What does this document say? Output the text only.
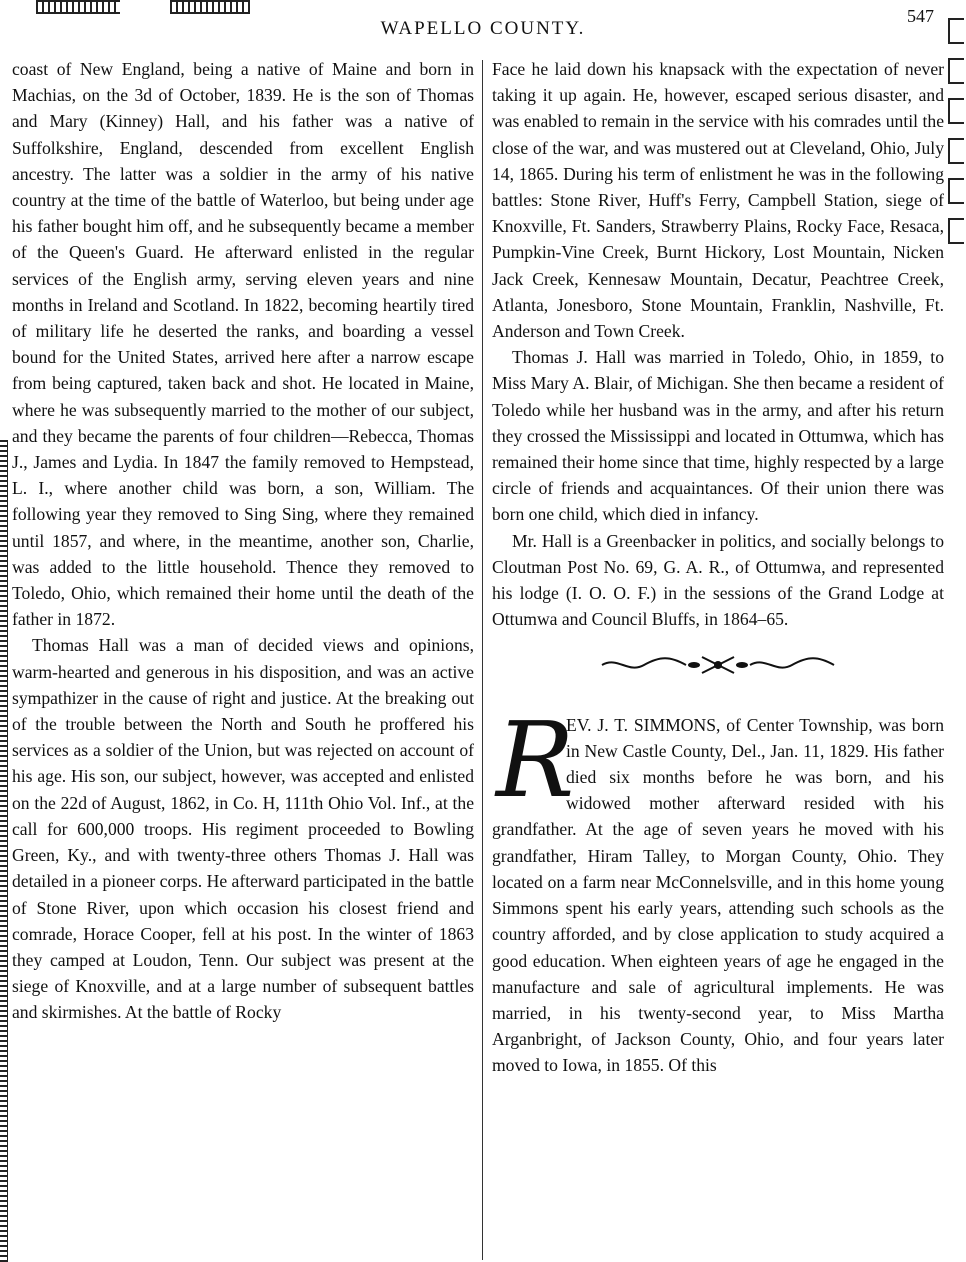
WAPELLO COUNTY.
547

coast of New England, being a native of Maine and born in Machias, on the 3d of October, 1839. He is the son of Thomas and Mary (Kinney) Hall, and his father was a native of Suffolkshire, England, descended from excellent English ancestry. The latter was a soldier in the army of his native country at the time of the battle of Waterloo, but being under age his father bought him off, and he subsequently became a member of the Queen's Guard. He afterward enlisted in the regular services of the English army, serving eleven years and nine months in Ireland and Scotland. In 1822, becoming heartily tired of military life he deserted the ranks, and boarding a vessel bound for the United States, arrived here after a narrow escape from being captured, taken back and shot. He located in Maine, where he was subsequently married to the mother of our subject, and they became the parents of four children—Rebecca, Thomas J., James and Lydia. In 1847 the family removed to Hempstead, L. I., where another child was born, a son, William. The following year they removed to Sing Sing, where they remained until 1857, and where, in the meantime, another son, Charlie, was added to the little household. Thence they removed to Toledo, Ohio, which remained their home until the death of the father in 1872.

Thomas Hall was a man of decided views and opinions, warm-hearted and generous in his disposition, and was an active sympathizer in the cause of right and justice. At the breaking out of the trouble between the North and South he proffered his services as a soldier of the Union, but was rejected on account of his age. His son, our subject, however, was accepted and enlisted on the 22d of August, 1862, in Co. H, 111th Ohio Vol. Inf., at the call for 600,000 troops. His regiment proceeded to Bowling Green, Ky., and with twenty-three others Thomas J. Hall was detailed in a pioneer corps. He afterward participated in the battle of Stone River, upon which occasion his closest friend and comrade, Horace Cooper, fell at his post. In the winter of 1863 they camped at Loudon, Tenn. Our subject was present at the siege of Knoxville, and at a large number of subsequent battles and skirmishes. At the battle of Rocky

Face he laid down his knapsack with the expectation of never taking it up again. He, however, escaped serious disaster, and was enabled to remain in the service with his comrades until the close of the war, and was mustered out at Cleveland, Ohio, July 14, 1865. During his term of enlistment he was in the following battles: Stone River, Huff's Ferry, Campbell Station, siege of Knoxville, Ft. Sanders, Strawberry Plains, Rocky Face, Resaca, Pumpkin-Vine Creek, Burnt Hickory, Lost Mountain, Nicken Jack Creek, Kennesaw Mountain, Decatur, Peachtree Creek, Atlanta, Jonesboro, Stone Mountain, Franklin, Nashville, Ft. Anderson and Town Creek.

Thomas J. Hall was married in Toledo, Ohio, in 1859, to Miss Mary A. Blair, of Michigan. She then became a resident of Toledo while her husband was in the army, and after his return they crossed the Mississippi and located in Ottumwa, which has remained their home since that time, highly respected by a large circle of friends and acquaintances. Of their union there was born one child, which died in infancy.

Mr. Hall is a Greenbacker in politics, and socially belongs to Cloutman Post No. 69, G. A. R., of Ottumwa, and represented his lodge (I. O. O. F.) in the sessions of the Grand Lodge at Ottumwa and Council Bluffs, in 1864–65.

R

EV. J. T. SIMMONS, of Center Township, was born in New Castle County, Del., Jan. 11, 1829. His father died six months before he was born, and his widowed mother afterward resided with his grandfather. At the age of seven years he moved with his grandfather, Hiram Talley, to Morgan County, Ohio. They located on a farm near McConnelsville, and in this home young Simmons spent his early years, attending such schools as the country afforded, and by close application to study acquired a good education. When eighteen years of age he engaged in the manufacture and sale of agricultural implements. He was married, in his twenty-second year, to Miss Martha Arganbright, of Jackson County, Ohio, and four years later moved to Iowa, in 1855. Of this
